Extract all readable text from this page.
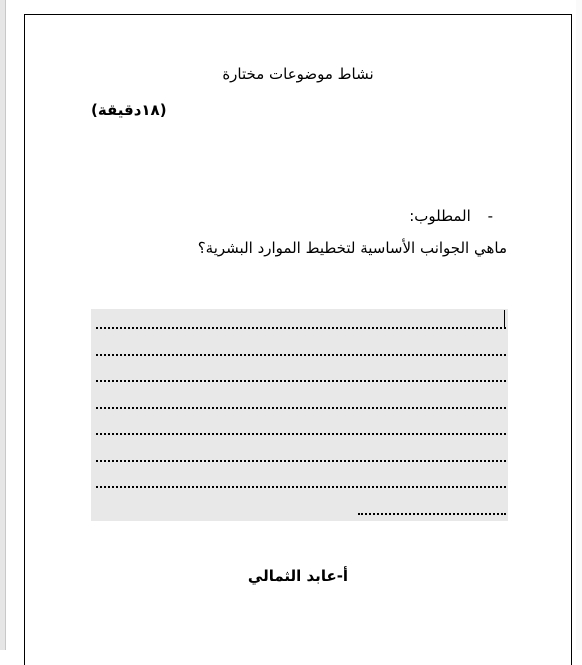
نشاط موضوعات مختارة
(١٨دقيقة)
- المطلوب:
ماهي الجوانب الأساسية لتخطيط الموارد البشرية؟
أ-عابد الثمالي
